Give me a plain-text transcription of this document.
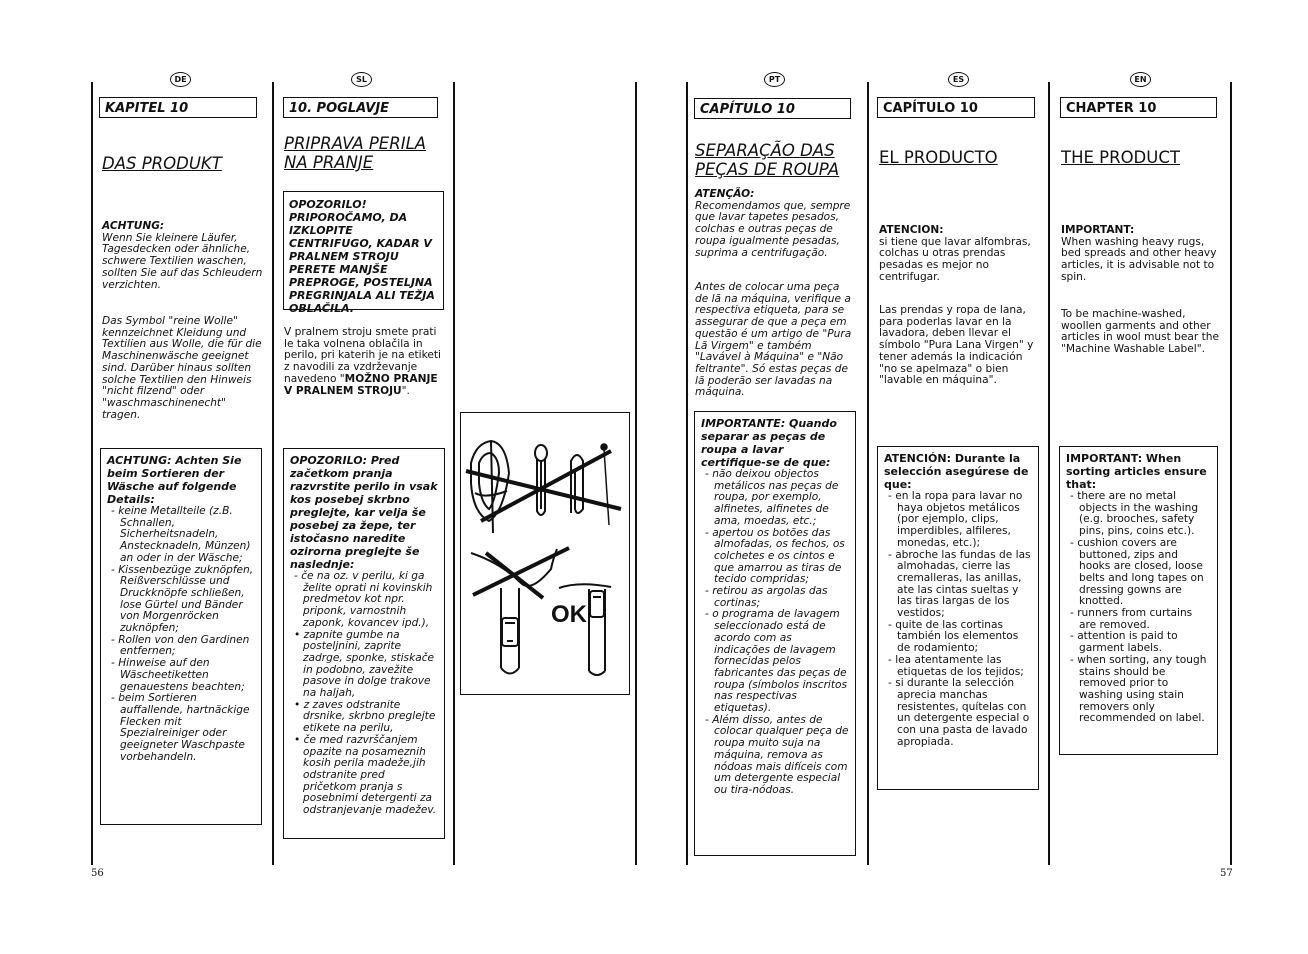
DE	SL	PT	ES	EN
KAPITEL 10
DAS PRODUKT
ACHTUNG:
Wenn Sie kleinere Läufer, Tagesdecken oder ähnliche, schwere Textilien waschen, sollten Sie auf das Schleudern verzichten.

Das Symbol "reine Wolle" kennzeichnet Kleidung und Textilien aus Wolle, die für die Maschinenwäsche geeignet sind. Darüber hinaus sollten solche Textilien den Hinweis "nicht filzend" oder "waschmaschinenecht" tragen.

ACHTUNG: Achten Sie beim Sortieren der Wäsche auf folgende Details:

- keine Metallteile (z.B. Schnallen, Sicherheitsnadeln, Anstecknadeln, Münzen) an oder in der Wäsche;
- Kissenbezüge zuknöpfen, Reißverschlüsse und Druckknöpfe schließen, lose Gürtel und Bänder von Morgenröcken zuknöpfen;
- Rollen von den Gardinen entfernen;
- Hinweise auf den Wäscheetiketten genauestens beachten;
- beim Sortieren auffallende, hartnäckige Flecken mit Spezialreiniger oder geeigneter Waschpaste vorbehandeln.
10. POGLAVJE
PRIPRAVA PERILA
NA PRANJE
OPOZORILO! PRIPOROČAMO, DA IZKLOPITE CENTRIFUGO, KADAR V PRALNEM STROJU PERETE MANJŠE PREPROGE, POSTELJNA PREGRINJALA ALI TEŽJA OBLAČILA.

V pralnem stroju smete prati le taka volnena oblačila in perilo, pri katerih je na etiketi z navodili za vzdrževanje navedeno "MOŽNO PRANJE V PRALNEM STROJU".

OPOZORILO: Pred začetkom pranja razvrstite perilo in vsak kos posebej skrbno preglejte, kar velja še posebej za žepe, ter istočasno naredite ozirorna preglejte še naslednje:

- če na oz. v perilu, ki ga želite oprati ni kovinskih predmetov kot npr. priponk, varnostnih zaponk, kovancev ipd.),
• zapnite gumbe na posteljnini, zaprite zadrge, sponke, stiskače in podobno, zavežite pasove in dolge trakove na haljah,
• z zaves odstranite drsnike, skrbno preglejte etikete na perilu,
• če med razvrščanjem opazite na posameznih kosih perila madeže,jih odstranite pred pričetkom pranja s posebnimi detergenti za odstranjevanje madežev.
OK
CAPÍTULO 10
SEPARAÇÃO DAS
PEÇAS DE ROUPA
ATENÇÃO:
Recomendamos que, sempre que lavar tapetes pesados, colchas e outras peças de roupa igualmente pesadas, suprima a centrifugação.

Antes de colocar uma peça de lã na máquina, verifique a respectiva etiqueta, para se assegurar de que a peça em questão é um artigo de "Pura Lã Virgem" e também "Lavável à Máquina" e "Não feltrante". Só estas peças de lã poderão ser lavadas na máquina.

IMPORTANTE: Quando separar as peças de roupa a lavar certifique-se de que:

- não deixou objectos metálicos nas peças de roupa, por exemplo, alfinetes, alfinetes de ama, moedas, etc.;
- apertou os botões das almofadas, os fechos, os colchetes e os cintos e que amarrou as tiras de tecido compridas;
- retirou as argolas das cortinas;
- o programa de lavagem seleccionado está de acordo com as indicações de lavagem fornecidas pelos fabricantes das peças de roupa (símbolos inscritos nas respectivas etiquetas).
- Além disso, antes de colocar qualquer peça de roupa muito suja na máquina, remova as nódoas mais difíceis com um detergente especial ou tira-nódoas.
CAPÍTULO 10
EL PRODUCTO
ATENCION:
si tiene que lavar alfombras, colchas u otras prendas pesadas es mejor no centrifugar.

Las prendas y ropa de lana, para poderlas lavar en la lavadora, deben llevar el símbolo "Pura Lana Virgen" y tener además la indicación "no se apelmaza" o bien "lavable en máquina".

ATENCIÓN: Durante la selección asegúrese de que:

- en la ropa para lavar no haya objetos metálicos (por ejemplo, clips, imperdibles, alfileres, monedas, etc.);
- abroche las fundas de las almohadas, cierre las cremalleras, las anillas, ate las cintas sueltas y las tiras largas de los vestidos;
- quite de las cortinas también los elementos de rodamiento;
- lea atentamente las etiquetas de los tejidos;
- si durante la selección aprecia manchas resistentes, quítelas con un detergente especial o con una pasta de lavado apropiada.
CHAPTER 10
THE PRODUCT
IMPORTANT:
When washing heavy rugs, bed spreads and other heavy articles, it is advisable not to spin.

To be machine-washed, woollen garments and other articles in wool must bear the "Machine Washable Label".

IMPORTANT: When sorting articles ensure that:

- there are no metal objects in the washing (e.g. brooches, safety pins, pins, coins etc.).
- cushion covers are buttoned, zips and hooks are closed, loose belts and long tapes on dressing gowns are knotted.
- runners from curtains are removed.
- attention is paid to garment labels.
- when sorting, any tough stains should be removed prior to washing using stain removers only recommended on label.
56	57
